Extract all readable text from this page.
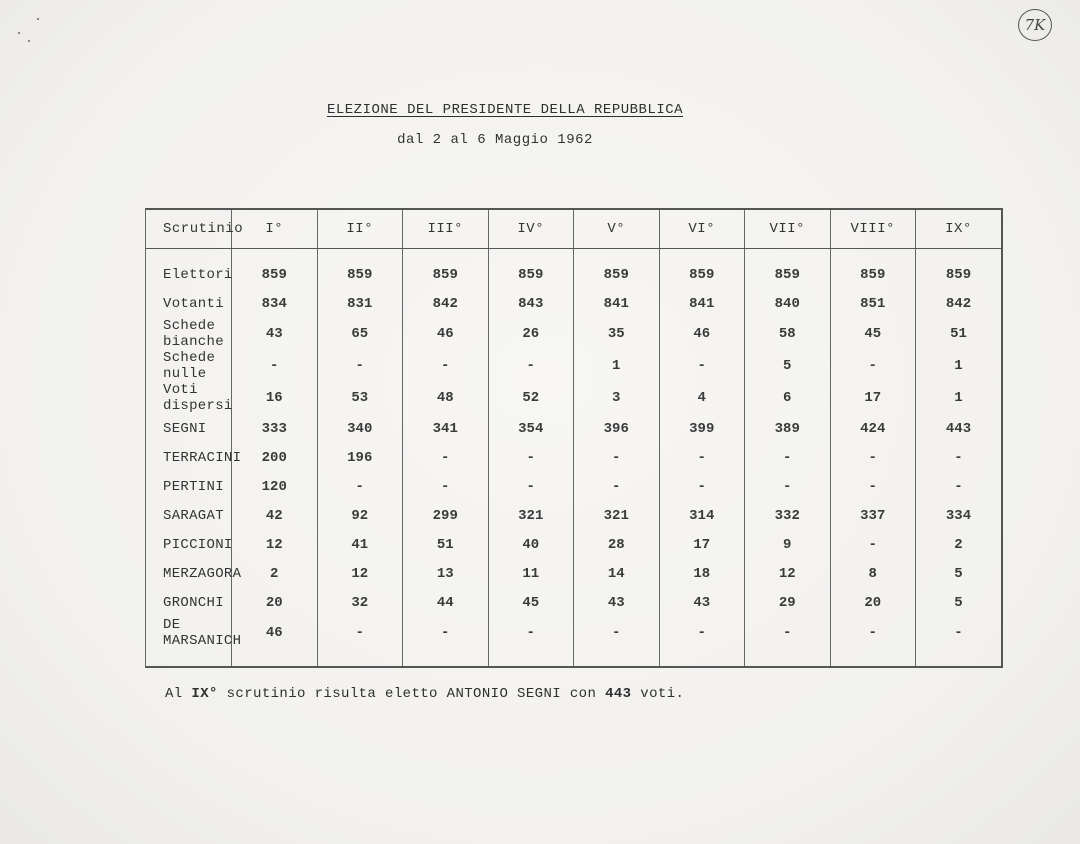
7K
ELEZIONE DEL PRESIDENTE DELLA REPUBBLICA
dal 2 al 6 Maggio 1962
Scrutinio	I°	II°	III°	IV°	V°	VI°	VII°	VIII°	IX°

Elettori	859	859	859	859	859	859	859	859	859
Votanti	834	831	842	843	841	841	840	851	842
Schede bianche	43	65	46	26	35	46	58	45	51
Schede nulle	-	-	-	-	1	-	5	-	1
Voti dispersi	16	53	48	52	3	4	6	17	1
SEGNI	333	340	341	354	396	399	389	424	443
TERRACINI	200	196	-	-	-	-	-	-	-
PERTINI	120	-	-	-	-	-	-	-	-
SARAGAT	42	92	299	321	321	314	332	337	334
PICCIONI	12	41	51	40	28	17	9	-	2
MERZAGORA	2	12	13	11	14	18	12	8	5
GRONCHI	20	32	44	45	43	43	29	20	5
DE MARSANICH	46	-	-	-	-	-	-	-	-

Al IX° scrutinio risulta eletto ANTONIO SEGNI con 443 voti.
